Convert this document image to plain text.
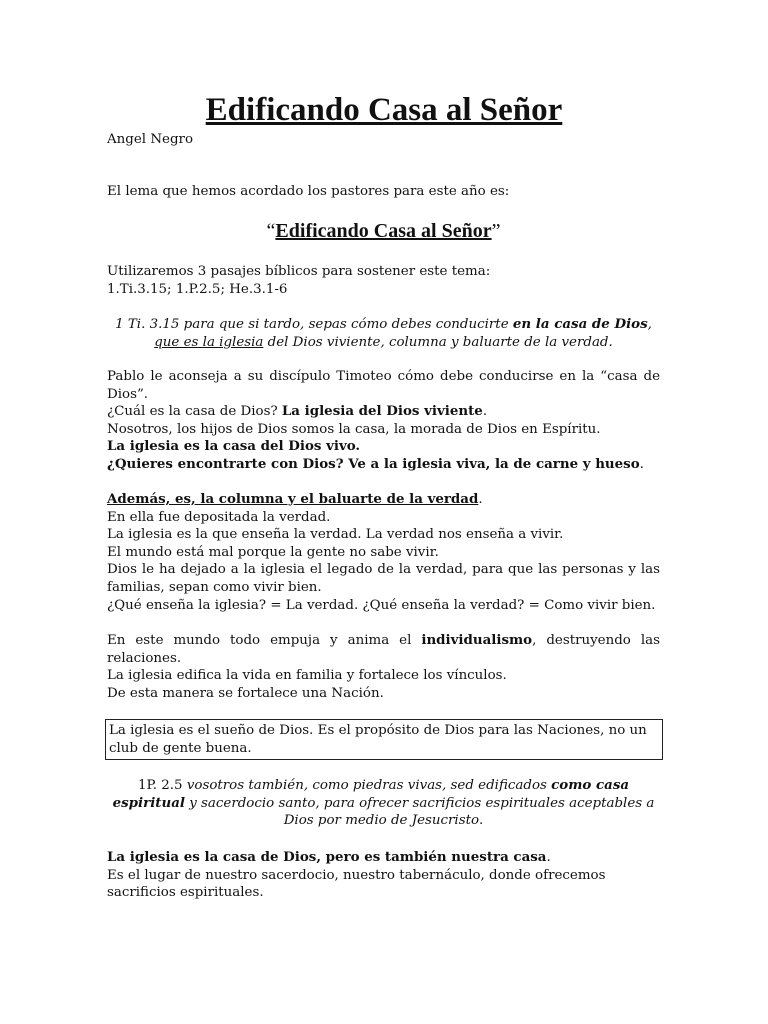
Edificando Casa al Señor
Angel Negro
El lema que hemos acordado los pastores para este año es:
“Edificando Casa al Señor”
Utilizaremos 3 pasajes bíblicos para sostener este tema:
1.Ti.3.15; 1.P.2.5; He.3.1-6
1 Ti. 3.15 para que si tardo, sepas cómo debes conducirte en la casa de Dios, que es la iglesia del Dios viviente, columna y baluarte de la verdad.
Pablo le aconseja a su discípulo Timoteo cómo debe conducirse en la “casa de Dios”.
¿Cuál es la casa de Dios? La iglesia del Dios viviente.
Nosotros, los hijos de Dios somos la casa, la morada de Dios en Espíritu.
La iglesia es la casa del Dios vivo.
¿Quieres encontrarte con Dios? Ve a la iglesia viva, la de carne y hueso.
Además, es, la columna y el baluarte de la verdad.
En ella fue depositada la verdad.
La iglesia es la que enseña la verdad. La verdad nos enseña a vivir.
El mundo está mal porque la gente no sabe vivir.
Dios le ha dejado a la iglesia el legado de la verdad, para que las personas y las familias, sepan como vivir bien.
¿Qué enseña la iglesia? = La verdad. ¿Qué enseña la verdad? = Como vivir bien.
En este mundo todo empuja y anima el individualismo, destruyendo las relaciones.
La iglesia edifica la vida en familia y fortalece los vínculos.
De esta manera se fortalece una Nación.
La iglesia es el sueño de Dios. Es el propósito de Dios para las Naciones, no un club de gente buena.
1P. 2.5 vosotros también, como piedras vivas, sed edificados como casa espiritual y sacerdocio santo, para ofrecer sacrificios espirituales aceptables a Dios por medio de Jesucristo.
La iglesia es la casa de Dios, pero es también nuestra casa.
Es el lugar de nuestro sacerdocio, nuestro tabernáculo, donde ofrecemos sacrificios espirituales.
